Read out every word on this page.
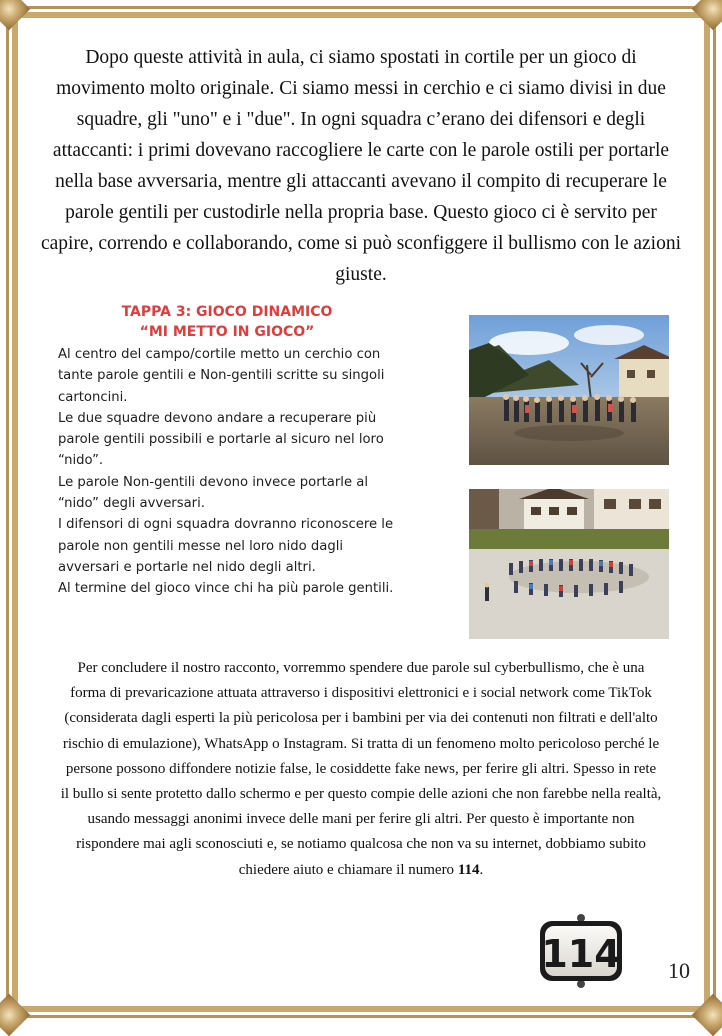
Dopo queste attività in aula, ci siamo spostati in cortile per un gioco di movimento molto originale. Ci siamo messi in cerchio e ci siamo divisi in due squadre, gli "uno" e i "due". In ogni squadra c’erano dei difensori e degli attaccanti: i primi dovevano raccogliere le carte con le parole ostili per portarle nella base avversaria, mentre gli attaccanti avevano il compito di recuperare le parole gentili per custodirle nella propria base. Questo gioco ci è servito per capire, correndo e collaborando, come si può sconfiggere il bullismo con le azioni giuste.

TAPPA 3: GIOCO DINAMICO
“MI METTO IN GIOCO”

Al centro del campo/cortile metto un cerchio con tante parole gentili e Non-gentili scritte su singoli cartoncini.

Le due squadre devono andare a recuperare più parole gentili possibili e portarle al sicuro nel loro “nido”.

Le parole Non-gentili devono invece portarle al “nido” degli avversari.

I difensori di ogni squadra dovranno riconoscere le parole non gentili messe nel loro nido dagli avversari e portarle nel nido degli altri.

Al termine del gioco vince chi ha più parole gentili.

Per concludere il nostro racconto, vorremmo spendere due parole sul cyberbullismo, che è una forma di prevaricazione attuata attraverso i dispositivi elettronici e i social network come TikTok (considerata dagli esperti la più pericolosa per i bambini per via dei contenuti non filtrati e dell'alto rischio di emulazione), WhatsApp o Instagram. Si tratta di un fenomeno molto pericoloso perché le persone possono diffondere notizie false, le cosiddette fake news, per ferire gli altri. Spesso in rete il bullo si sente protetto dallo schermo e per questo compie delle azioni che non farebbe nella realtà, usando messaggi anonimi invece delle mani per ferire gli altri. Per questo è importante non rispondere mai agli sconosciuti e, se notiamo qualcosa che non va su internet, dobbiamo subito chiedere aiuto e chiamare il numero 114.

114 10
